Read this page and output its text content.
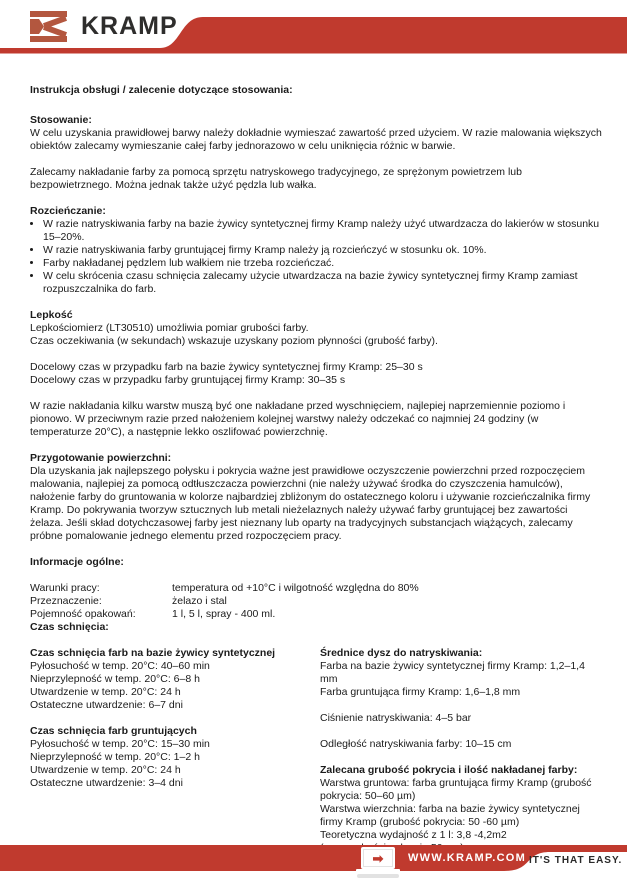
KRAMP
Instrukcja obsługi / zalecenie dotyczące stosowania:
Stosowanie:

W celu uzyskania prawidłowej barwy należy dokładnie wymieszać zawartość przed użyciem. W razie malowania większych obiektów zalecamy wymieszanie całej farby jednorazowo w celu uniknięcia różnic w barwie.

Zalecamy nakładanie farby za pomocą sprzętu natryskowego tradycyjnego, ze sprężonym powietrzem lub bezpowietrznego. Można jednak także użyć pędzla lub wałka.

Rozcieńczanie:
• W razie natryskiwania farby na bazie żywicy syntetycznej firmy Kramp należy użyć utwardzacza do lakierów w stosunku 15–20%.
• W razie natryskiwania farby gruntującej firmy Kramp należy ją rozcieńczyć w stosunku ok. 10%.
• Farby nakładanej pędzlem lub wałkiem nie trzeba rozcieńczać.
• W celu skrócenia czasu schnięcia zalecamy użycie utwardzacza na bazie żywicy syntetycznej firmy Kramp zamiast rozpuszczalnika do farb.
Lepkość
Lepkościomierz (LT30510) umożliwia pomiar grubości farby.
Czas oczekiwania (w sekundach) wskazuje uzyskany poziom płynności (grubość farby).
Docelowy czas w przypadku farb na bazie żywicy syntetycznej firmy Kramp: 25–30 s
Docelowy czas w przypadku farby gruntującej firmy Kramp: 30–35 s

W razie nakładania kilku warstw muszą być one nakładane przed wyschnięciem, najlepiej naprzemiennie poziomo i pionowo. W przeciwnym razie przed nałożeniem kolejnej warstwy należy odczekać co najmniej 24 godziny (w temperaturze 20°C), a następnie lekko oszlifować powierzchnię.

Przygotowanie powierzchni:

Dla uzyskania jak najlepszego połysku i pokrycia ważne jest prawidłowe oczyszczenie powierzchni przed rozpoczęciem malowania, najlepiej za pomocą odtłuszczacza powierzchni (nie należy używać środka do czyszczenia hamulców), nałożenie farby do gruntowania w kolorze najbardziej zbliżonym do ostatecznego koloru i używanie rozcieńczalnika firmy Kramp. Do pokrywania tworzyw sztucznych lub metali nieżelaznych należy używać farby gruntującej bez zawartości żelaza. Jeśli skład dotychczasowej farby jest nieznany lub oparty na tradycyjnych substancjach wiążących, zalecamy próbne pomalowanie jednego elementu przed rozpoczęciem pracy.

Informacje ogólne:
Warunki pracy:	temperatura od +10°C i wilgotność względna do 80%
Przeznaczenie:	żelazo i stal
Pojemność opakowań:	1 l, 5 l, spray - 400 ml.
Czas schnięcia:
Czas schnięcia farb na bazie żywicy syntetycznej
Pyłosuchość w temp. 20°C: 40–60 min
Nieprzylepność w temp. 20°C: 6–8 h
Utwardzenie w temp. 20°C: 24 h
Ostateczne utwardzenie: 6–7 dni
Czas schnięcia farb gruntujących
Pyłosuchość w temp. 20°C: 15–30 min
Nieprzylepność w temp. 20°C: 1–2 h
Utwardzenie w temp. 20°C: 24 h
Ostateczne utwardzenie: 3–4 dni
Średnice dysz do natryskiwania:
Farba na bazie żywicy syntetycznej firmy Kramp: 1,2–1,4 mm
Farba gruntująca firmy Kramp: 1,6–1,8 mm
Ciśnienie natryskiwania: 4–5 bar
Odległość natryskiwania farby: 10–15 cm
Zalecana grubość pokrycia i ilość nakładanej farby:
Warstwa gruntowa: farba gruntująca firmy Kramp (grubość pokrycia: 50–60 µm)
Warstwa wierzchnia: farba na bazie żywicy syntetycznej firmy Kramp (grubość pokrycia: 50 -60 µm)
Teoretyczna wydajność z 1 l: 3,8 -4,2m2
➡ WWW.KRAMP.COM IT'S THAT EASY.
